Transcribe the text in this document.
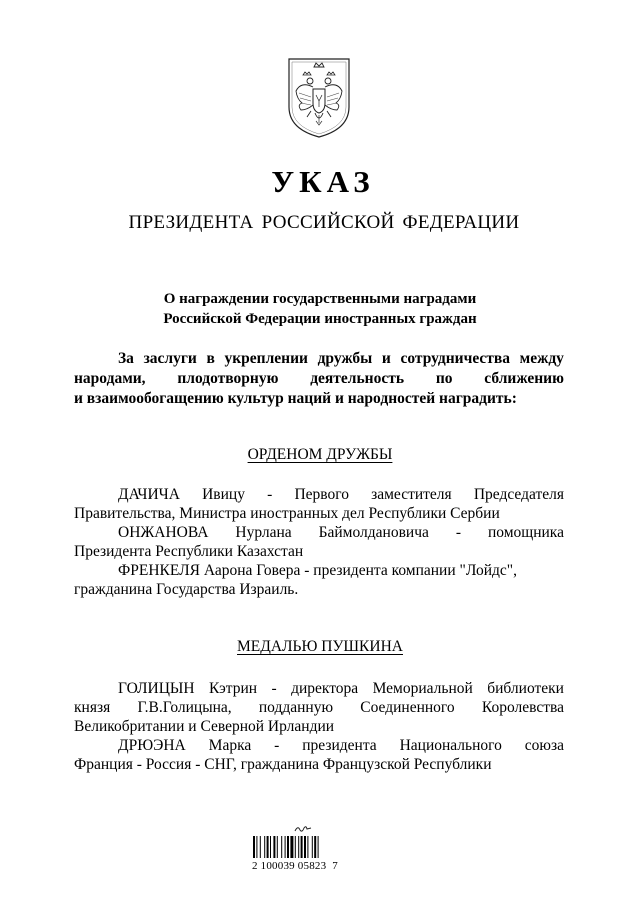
УКАЗ
ПРЕЗИДЕНТА РОССИЙСКОЙ ФЕДЕРАЦИИ
О награждении государственными наградами
Российской Федерации иностранных граждан
За заслуги в укреплении дружбы и сотрудничества между
народами, плодотворную деятельность по сближению
и взаимообогащению культур наций и народностей наградить:
ОРДЕНОМ ДРУЖБЫ
ДАЧИЧА Ивицу - Первого заместителя Председателя
Правительства, Министра иностранных дел Республики Сербии
ОНЖАНОВА Нурлана Баймолдановича - помощника
Президента Республики Казахстан
ФРЕНКЕЛЯ Аарона Говера - президента компании "Лойдс",
гражданина Государства Израиль.
МЕДАЛЬЮ ПУШКИНА
ГОЛИЦЫН Кэтрин - директора Мемориальной библиотеки
князя Г.В.Голицына, подданную Соединенного Королевства
Великобритании и Северной Ирландии
ДРЮЭНА Марка - президента Национального союза
Франция - Россия - СНГ, гражданина Французской Республики
2 100039 05823  7
